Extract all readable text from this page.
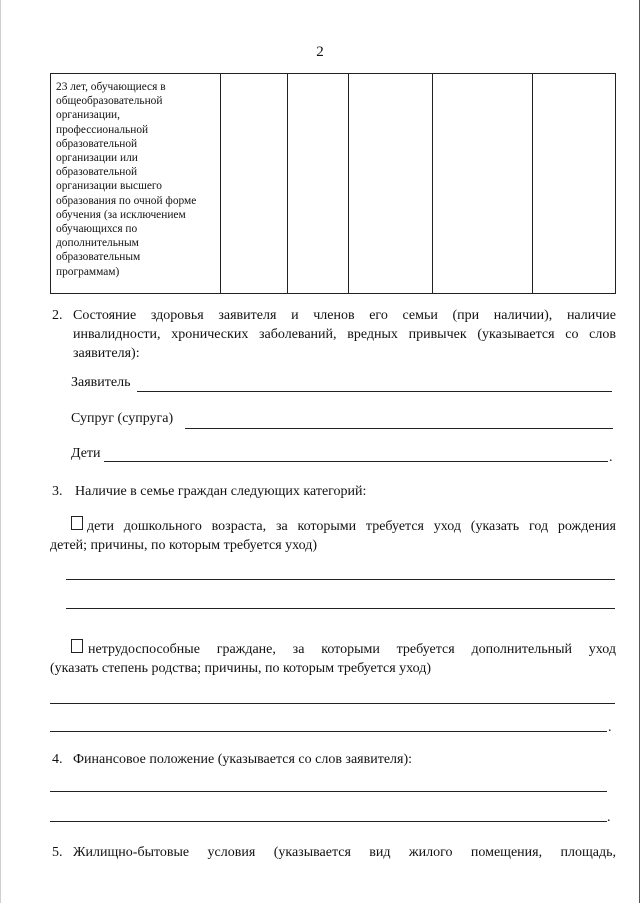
2
23 лет, обучающиеся в
общеобразовательной
организации,
профессиональной
образовательной
организации или
образовательной
организации высшего
образования по очной форме
обучения (за исключением
обучающихся по
дополнительным
образовательным
программам)

2. Состояние здоровья заявителя и членов его семьи (при наличии), наличие
инвалидности, хронических заболеваний, вредных привычек (указывается со слов
заявителя):
Заявитель
Супруг (супруга)
Дети	.
3. Наличие в семье граждан следующих категорий:
дети дошкольного возраста, за которыми требуется уход (указать год рождения
детей; причины, по которым требуется уход)
нетрудоспособные граждане, за которыми требуется дополнительный уход
(указать степень родства; причины, по которым требуется уход)
.
4. Финансовое положение (указывается со слов заявителя):
.
5. Жилищно-бытовые условия (указывается вид жилого помещения, площадь,
